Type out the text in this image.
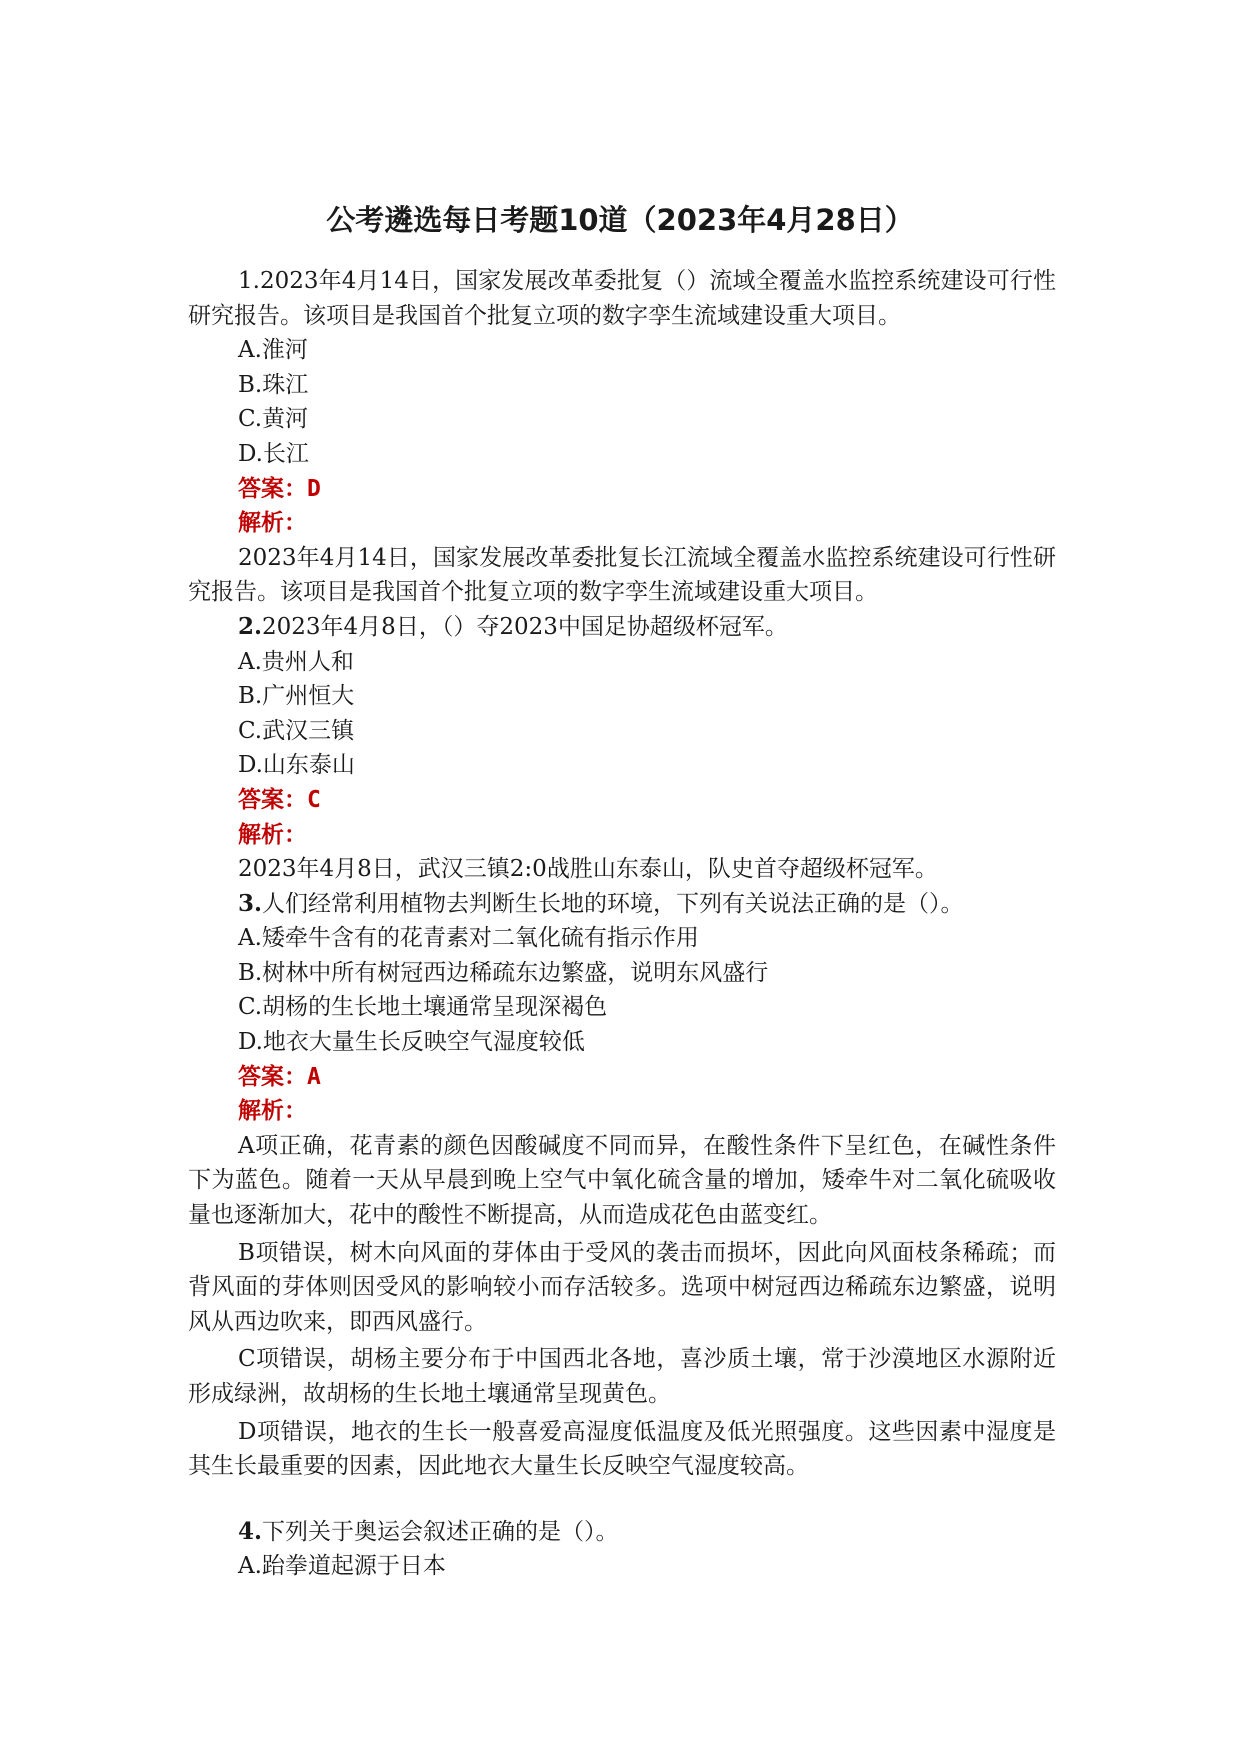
公考遴选每日考题10道（2023年4月28日）

1.2023年4月14日，国家发展改革委批复（）流域全覆盖水监控系统建设可行性研究报告。该项目是我国首个批复立项的数字孪生流域建设重大项目。

A.淮河

B.珠江

C.黄河

D.长江

答案：D

解析：

2023年4月14日，国家发展改革委批复长江流域全覆盖水监控系统建设可行性研究报告。该项目是我国首个批复立项的数字孪生流域建设重大项目。

2.2023年4月8日，（）夺2023中国足协超级杯冠军。

A.贵州人和

B.广州恒大

C.武汉三镇

D.山东泰山

答案：C

解析：

2023年4月8日，武汉三镇2:0战胜山东泰山，队史首夺超级杯冠军。

3.人们经常利用植物去判断生长地的环境，下列有关说法正确的是（）。

A.矮牵牛含有的花青素对二氧化硫有指示作用

B.树林中所有树冠西边稀疏东边繁盛，说明东风盛行

C.胡杨的生长地土壤通常呈现深褐色

D.地衣大量生长反映空气湿度较低

答案：A

解析：

A项正确，花青素的颜色因酸碱度不同而异，在酸性条件下呈红色，在碱性条件下为蓝色。随着一天从早晨到晚上空气中氧化硫含量的增加，矮牵牛对二氧化硫吸收量也逐渐加大，花中的酸性不断提高，从而造成花色由蓝变红。

B项错误，树木向风面的芽体由于受风的袭击而损坏，因此向风面枝条稀疏；而背风面的芽体则因受风的影响较小而存活较多。选项中树冠西边稀疏东边繁盛，说明风从西边吹来，即西风盛行。

C项错误，胡杨主要分布于中国西北各地，喜沙质土壤，常于沙漠地区水源附近形成绿洲，故胡杨的生长地土壤通常呈现黄色。

D项错误，地衣的生长一般喜爱高湿度低温度及低光照强度。这些因素中湿度是其生长最重要的因素，因此地衣大量生长反映空气湿度较高。

4.下列关于奥运会叙述正确的是（）。

A.跆拳道起源于日本
